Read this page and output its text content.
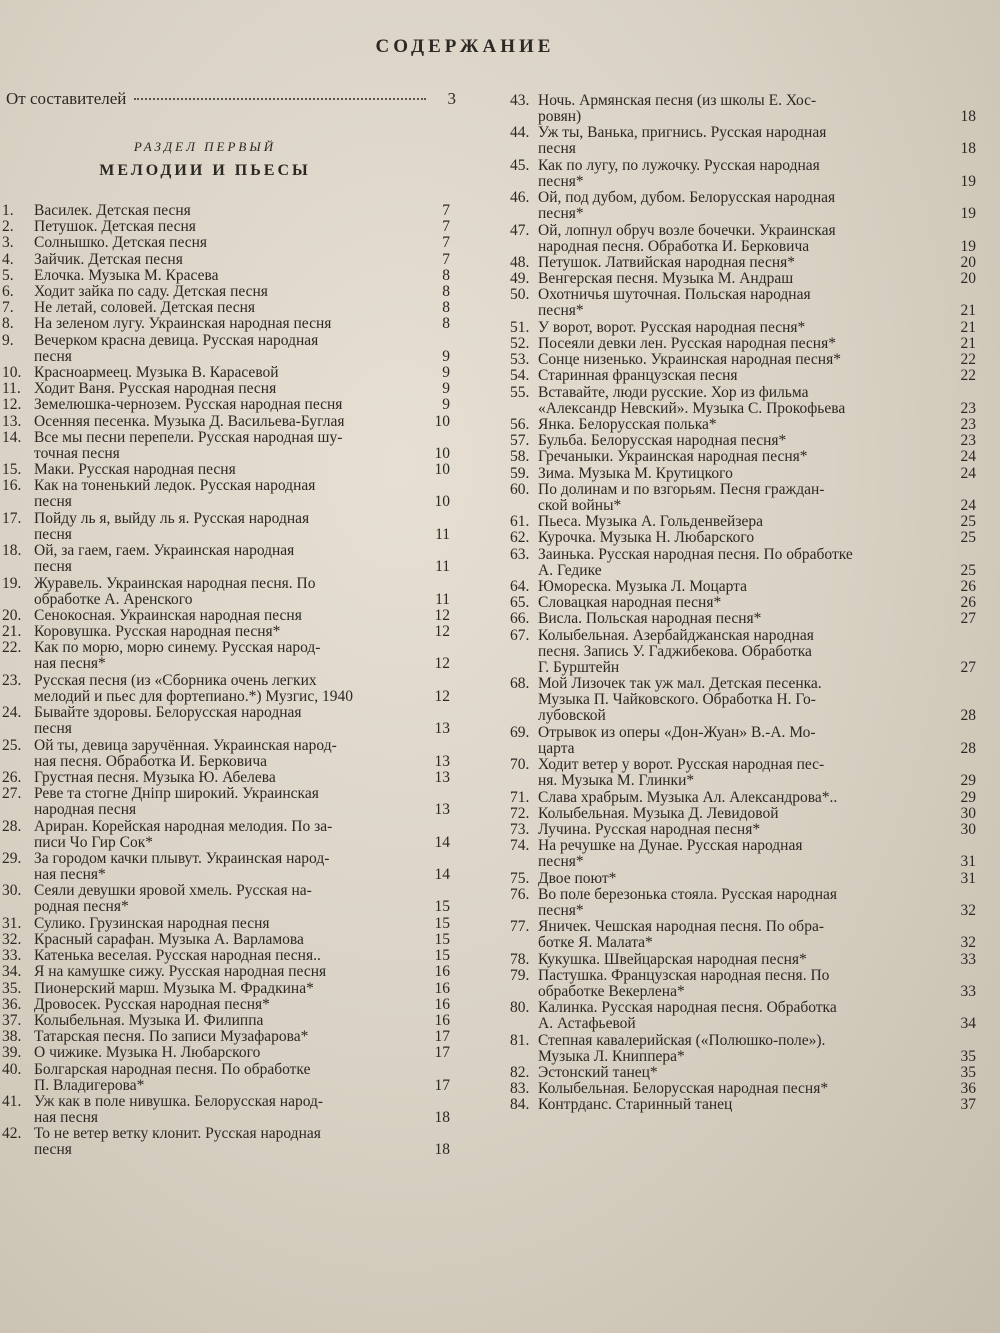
СОДЕРЖАНИЕ
От составителей	3
РАЗДЕЛ ПЕРВЫЙ
МЕЛОДИИ И ПЬЕСЫ
1. Василек. Детская песня	7
2. Петушок. Детская песня	7
3. Солнышко. Детская песня	7
4. Зайчик. Детская песня	7
5. Елочка. Музыка М. Красева	8
6. Ходит зайка по саду. Детская песня	8
7. Не летай, соловей. Детская песня	8
8. На зеленом лугу. Украинская народная песня	8
9. Вечерком красна девица. Русская народная
песня	9
10. Красноармеец. Музыка В. Карасевой	9
11. Ходит Ваня. Русская народная песня	9
12. Земелюшка-чернозем. Русская народная песня	9
13. Осенняя песенка. Музыка Д. Васильева-Буглая	10
14. Все мы песни перепели. Русская народная шу-
точная песня	10
15. Маки. Русская народная песня	10
16. Как на тоненький ледок. Русская народная
песня	10
17. Пойду ль я, выйду ль я. Русская народная
песня	11
18. Ой, за гаем, гаем. Украинская народная
песня	11
19. Журавель. Украинская народная песня. По
обработке А. Аренского	11
20. Сенокосная. Украинская народная песня	12
21. Коровушка. Русская народная песня*	12
22. Как по морю, морю синему. Русская народ-
ная песня*	12
23. Русская песня (из «Сборника очень легких
мелодий и пьес для фортепиано.*) Музгис, 1940	12
24. Бывайте здоровы. Белорусская народная
песня	13
25. Ой ты, девица заручённая. Украинская народ-
ная песня. Обработка И. Берковича	13
26. Грустная песня. Музыка Ю. Абелева	13
27. Реве та стогне Днiпр широкий. Украинская
народная песня	13
28. Ариран. Корейская народная мелодия. По за-
писи Чо Гир Сок*	14
29. За городом качки плывут. Украинская народ-
ная песня*	14
30. Сеяли девушки яровой хмель. Русская на-
родная песня*	15
31. Сулико. Грузинская народная песня	15
32. Красный сарафан. Музыка А. Варламова	15
33. Катенька веселая. Русская народная песня..	15
34. Я на камушке сижу. Русская народная песня	16
35. Пионерский марш. Музыка М. Фрадкина*	16
36. Дровосек. Русская народная песня*	16
37. Колыбельная. Музыка И. Филиппа	16
38. Татарская песня. По записи Музафарова*	17
39. О чижике. Музыка Н. Любарского	17
40. Болгарская народная песня. По обработке
П. Владигерова*	17
41. Уж как в поле нивушка. Белорусская народ-
ная песня	18
42. То не ветер ветку клонит. Русская народная
песня	18
43. Ночь. Армянская песня (из школы Е. Хос-
ровян)	18
44. Уж ты, Ванька, пригнись. Русская народная
песня	18
45. Как по лугу, по лужочку. Русская народная
песня*	19
46. Ой, под дубом, дубом. Белорусская народная
песня*	19
47. Ой, лопнул обруч возле бочечки. Украинская
народная песня. Обработка И. Берковича	19
48. Петушок. Латвийская народная песня*	20
49. Венгерская песня. Музыка М. Андраш	20
50. Охотничья шуточная. Польская народная
песня*	21
51. У ворот, ворот. Русская народная песня*	21
52. Посеяли девки лен. Русская народная песня*	21
53. Сонце низенько. Украинская народная песня*	22
54. Старинная французская песня	22
55. Вставайте, люди русские. Хор из фильма
«Александр Невский». Музыка С. Прокофьева	23
56. Янка. Белорусская полька*	23
57. Бульба. Белорусская народная песня*	23
58. Гречаныки. Украинская народная песня*	24
59. Зима. Музыка М. Крутицкого	24
60. По долинам и по взгорьям. Песня граждан-
ской войны*	24
61. Пьеса. Музыка А. Гольденвейзера	25
62. Курочка. Музыка Н. Любарского	25
63. Заинька. Русская народная песня. По обработке
А. Гедике	25
64. Юмореска. Музыка Л. Моцарта	26
65. Словацкая народная песня*	26
66. Висла. Польская народная песня*	27
67. Колыбельная. Азербайджанская народная
песня. Запись У. Гаджибекова. Обработка
Г. Бурштейн	27
68. Мой Лизочек так уж мал. Детская песенка.
Музыка П. Чайковского. Обработка Н. Го-
лубовской	28
69. Отрывок из оперы «Дон-Жуан» В.-А. Мо-
царта	28
70. Ходит ветер у ворот. Русская народная пес-
ня. Музыка М. Глинки*	29
71. Слава храбрым. Музыка Ал. Александрова*..	29
72. Колыбельная. Музыка Д. Левидовой	30
73. Лучина. Русская народная песня*	30
74. На речушке на Дунае. Русская народная
песня*	31
75. Двое поют*	31
76. Во поле березонька стояла. Русская народная
песня*	32
77. Яничек. Чешская народная песня. По обра-
ботке Я. Малата*	32
78. Кукушка. Швейцарская народная песня*	33
79. Пастушка. Французская народная песня. По
обработке Векерлена*	33
80. Калинка. Русская народная песня. Обработка
А. Астафьевой	34
81. Степная кавалерийская («Полюшко-поле»).
Музыка Л. Книппера*	35
82. Эстонский танец*	35
83. Колыбельная. Белорусская народная песня*	36
84. Контрданс. Старинный танец	37
